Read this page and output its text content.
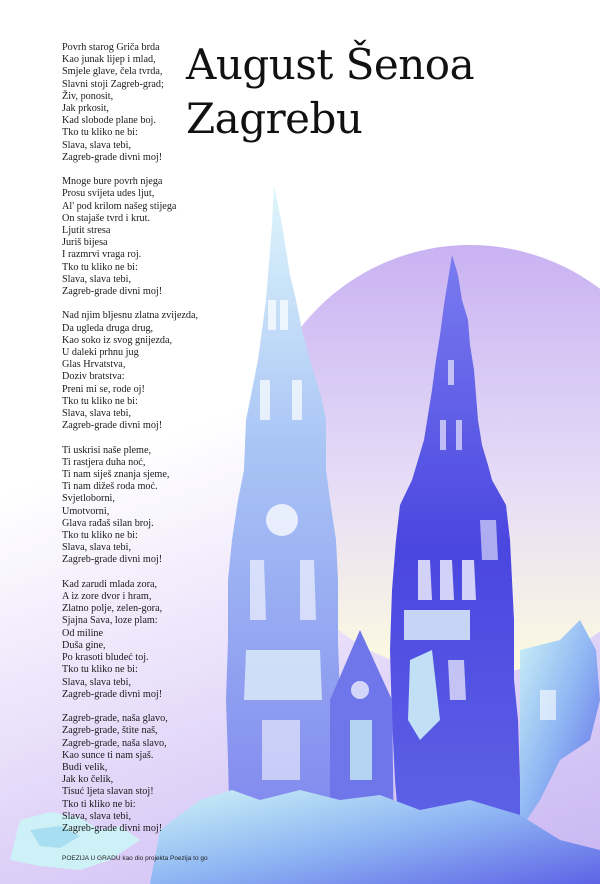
August Šenoa
Zagrebu
Povrh starog Griča brda
Kao junak lijep i mlad,
Smjele glave, čela tvrda,
Slavni stoji Zagreb-grad;
Živ, ponosit,
Jak prkosit,
Kad slobode plane boj.
Tko tu kliko ne bi:
Slava, slava tebi,
Zagreb-grade divni moj!
Mnoge bure povrh njega
Prosu svijeta udes ljut,
Al' pod krilom našeg stijega
On stajaše tvrd i krut.
Ljutit stresa
Juriš bijesa
I razmrvi vraga roj.
Tko tu kliko ne bi:
Slava, slava tebi,
Zagreb-grade divni moj!
Nad njim bljesnu zlatna zvijezda,
Da ugleda druga drug,
Kao soko iz svog gnijezda,
U daleki prhnu jug
Glas Hrvatstva,
Doziv bratstva:
Preni mi se, rode oj!
Tko tu kliko ne bi:
Slava, slava tebi,
Zagreb-grade divni moj!
Ti uskrisi naše pleme,
Ti rastjera duha noć,
Ti nam siješ znanja sjeme,
Ti nam dižeš roda moć.
Svjetloborni,
Umotvorni,
Glava rađaš silan broj.
Tko tu kliko ne bi:
Slava, slava tebi,
Zagreb-grade divni moj!
Kad zarudi mlada zora,
A iz zore dvor i hram,
Zlatno polje, zelen-gora,
Sjajna Sava, loze plam:
Od miline
Duša gine,
Po krasoti bludeć toj.
Tko tu kliko ne bi:
Slava, slava tebi,
Zagreb-grade divni moj!
Zagreb-grade, naša glavo,
Zagreb-grade, štite naš,
Zagreb-grade, naša slavo,
Kao sunce ti nam sjaš.
Budi velik,
Jak ko čelik,
Tisuć ljeta slavan stoj!
Tko ti kliko ne bi:
Slava, slava tebi,
Zagreb-grade divni moj!
POEZIJA U GRADU kao dio projekta Poezija to go
